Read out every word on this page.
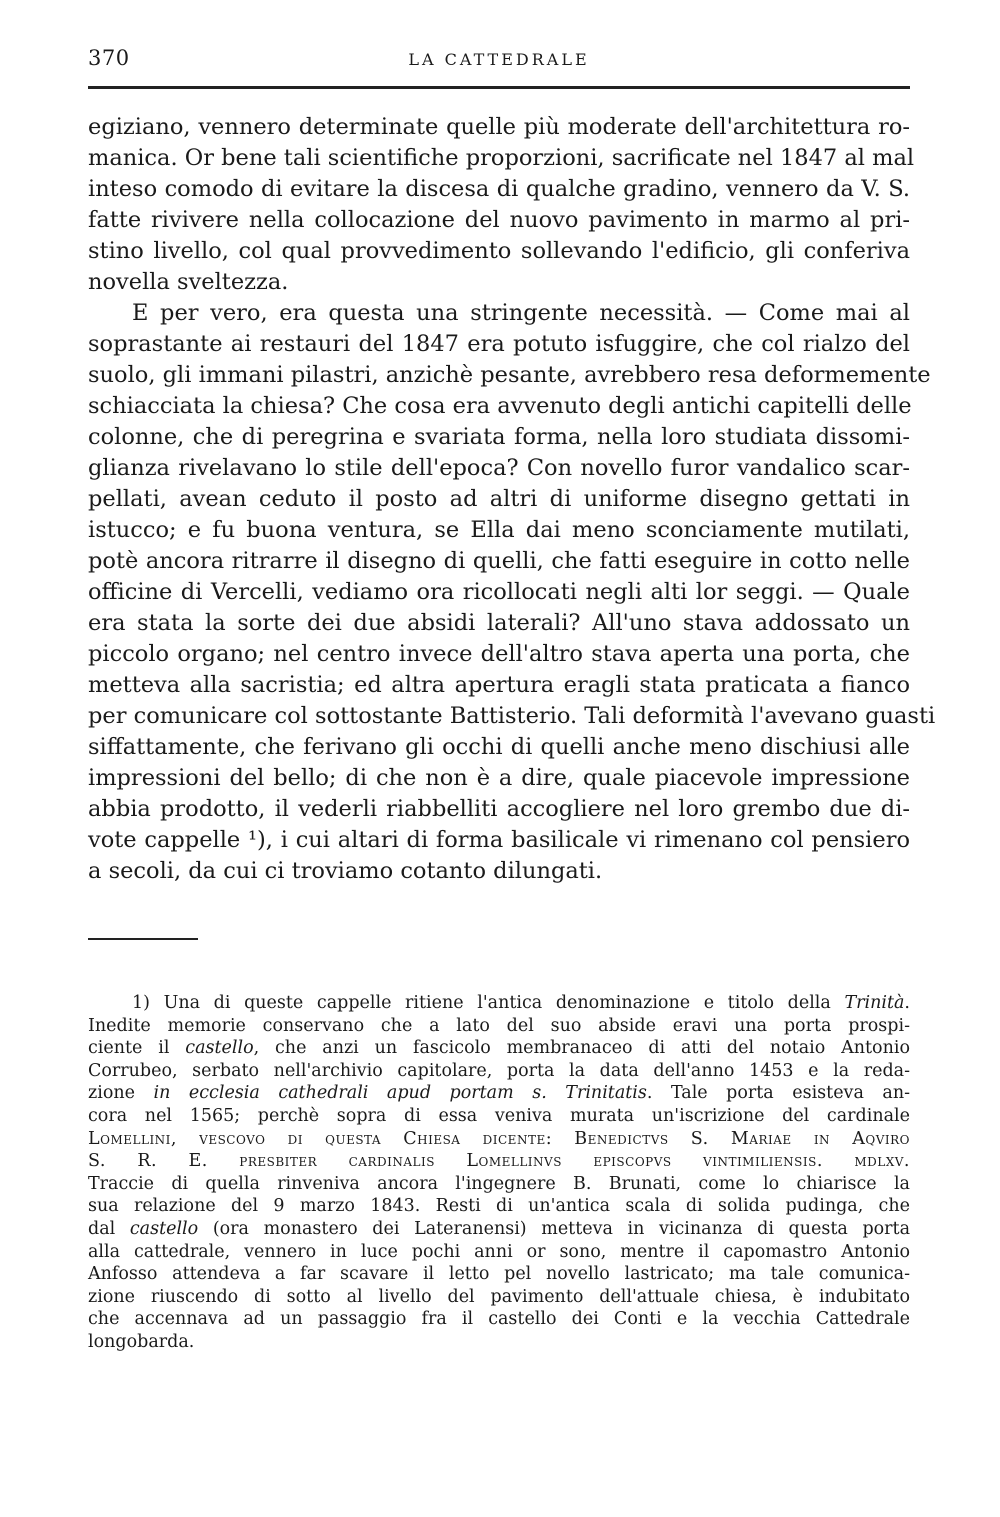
370	LA CATTEDRALE
egiziano, vennero determinate quelle più moderate dell'architettura ro-
manica. Or bene tali scientifiche proporzioni, sacrificate nel 1847 al mal
inteso comodo di evitare la discesa di qualche gradino, vennero da V. S.
fatte rivivere nella collocazione del nuovo pavimento in marmo al pri-
stino livello, col qual provvedimento sollevando l'edificio, gli conferiva
novella sveltezza.
E per vero, era questa una stringente necessità. — Come mai al
soprastante ai restauri del 1847 era potuto isfuggire, che col rialzo del
suolo, gli immani pilastri, anzichè pesante, avrebbero resa deformemente
schiacciata la chiesa? Che cosa era avvenuto degli antichi capitelli delle
colonne, che di peregrina e svariata forma, nella loro studiata dissomi-
glianza rivelavano lo stile dell'epoca? Con novello furor vandalico scar-
pellati, avean ceduto il posto ad altri di uniforme disegno gettati in
istucco; e fu buona ventura, se Ella dai meno sconciamente mutilati,
potè ancora ritrarre il disegno di quelli, che fatti eseguire in cotto nelle
officine di Vercelli, vediamo ora ricollocati negli alti lor seggi. — Quale
era stata la sorte dei due absidi laterali? All'uno stava addossato un
piccolo organo; nel centro invece dell'altro stava aperta una porta, che
metteva alla sacristia; ed altra apertura eragli stata praticata a fianco
per comunicare col sottostante Battisterio. Tali deformità l'avevano guasti
siffattamente, che ferivano gli occhi di quelli anche meno dischiusi alle
impressioni del bello; di che non è a dire, quale piacevole impressione
abbia prodotto, il vederli riabbelliti accogliere nel loro grembo due di-
vote cappelle ¹), i cui altari di forma basilicale vi rimenano col pensiero
a secoli, da cui ci troviamo cotanto dilungati.
1) Una di queste cappelle ritiene l'antica denominazione e titolo della Trinità.
Inedite memorie conservano che a lato del suo abside eravi una porta prospi-
ciente il castello, che anzi un fascicolo membranaceo di atti del notaio Antonio
Corrubeo, serbato nell'archivio capitolare, porta la data dell'anno 1453 e la reda-
zione in ecclesia cathedrali apud portam s. Trinitatis. Tale porta esisteva an-
cora nel 1565; perchè sopra di essa veniva murata un'iscrizione del cardinale
Lomellini, vescovo di questa Chiesa dicente: Benedictvs S. Mariae in Aqviro
S. R. E. presbiter cardinalis Lomellinvs episcopvs vintimiliensis. mdlxv.
Traccie di quella rinveniva ancora l'ingegnere B. Brunati, come lo chiarisce la
sua relazione del 9 marzo 1843. Resti di un'antica scala di solida pudinga, che
dal castello (ora monastero dei Lateranensi) metteva in vicinanza di questa porta
alla cattedrale, vennero in luce pochi anni or sono, mentre il capomastro Antonio
Anfosso attendeva a far scavare il letto pel novello lastricato; ma tale comunica-
zione riuscendo di sotto al livello del pavimento dell'attuale chiesa, è indubitato
che accennava ad un passaggio fra il castello dei Conti e la vecchia Cattedrale
longobarda.
